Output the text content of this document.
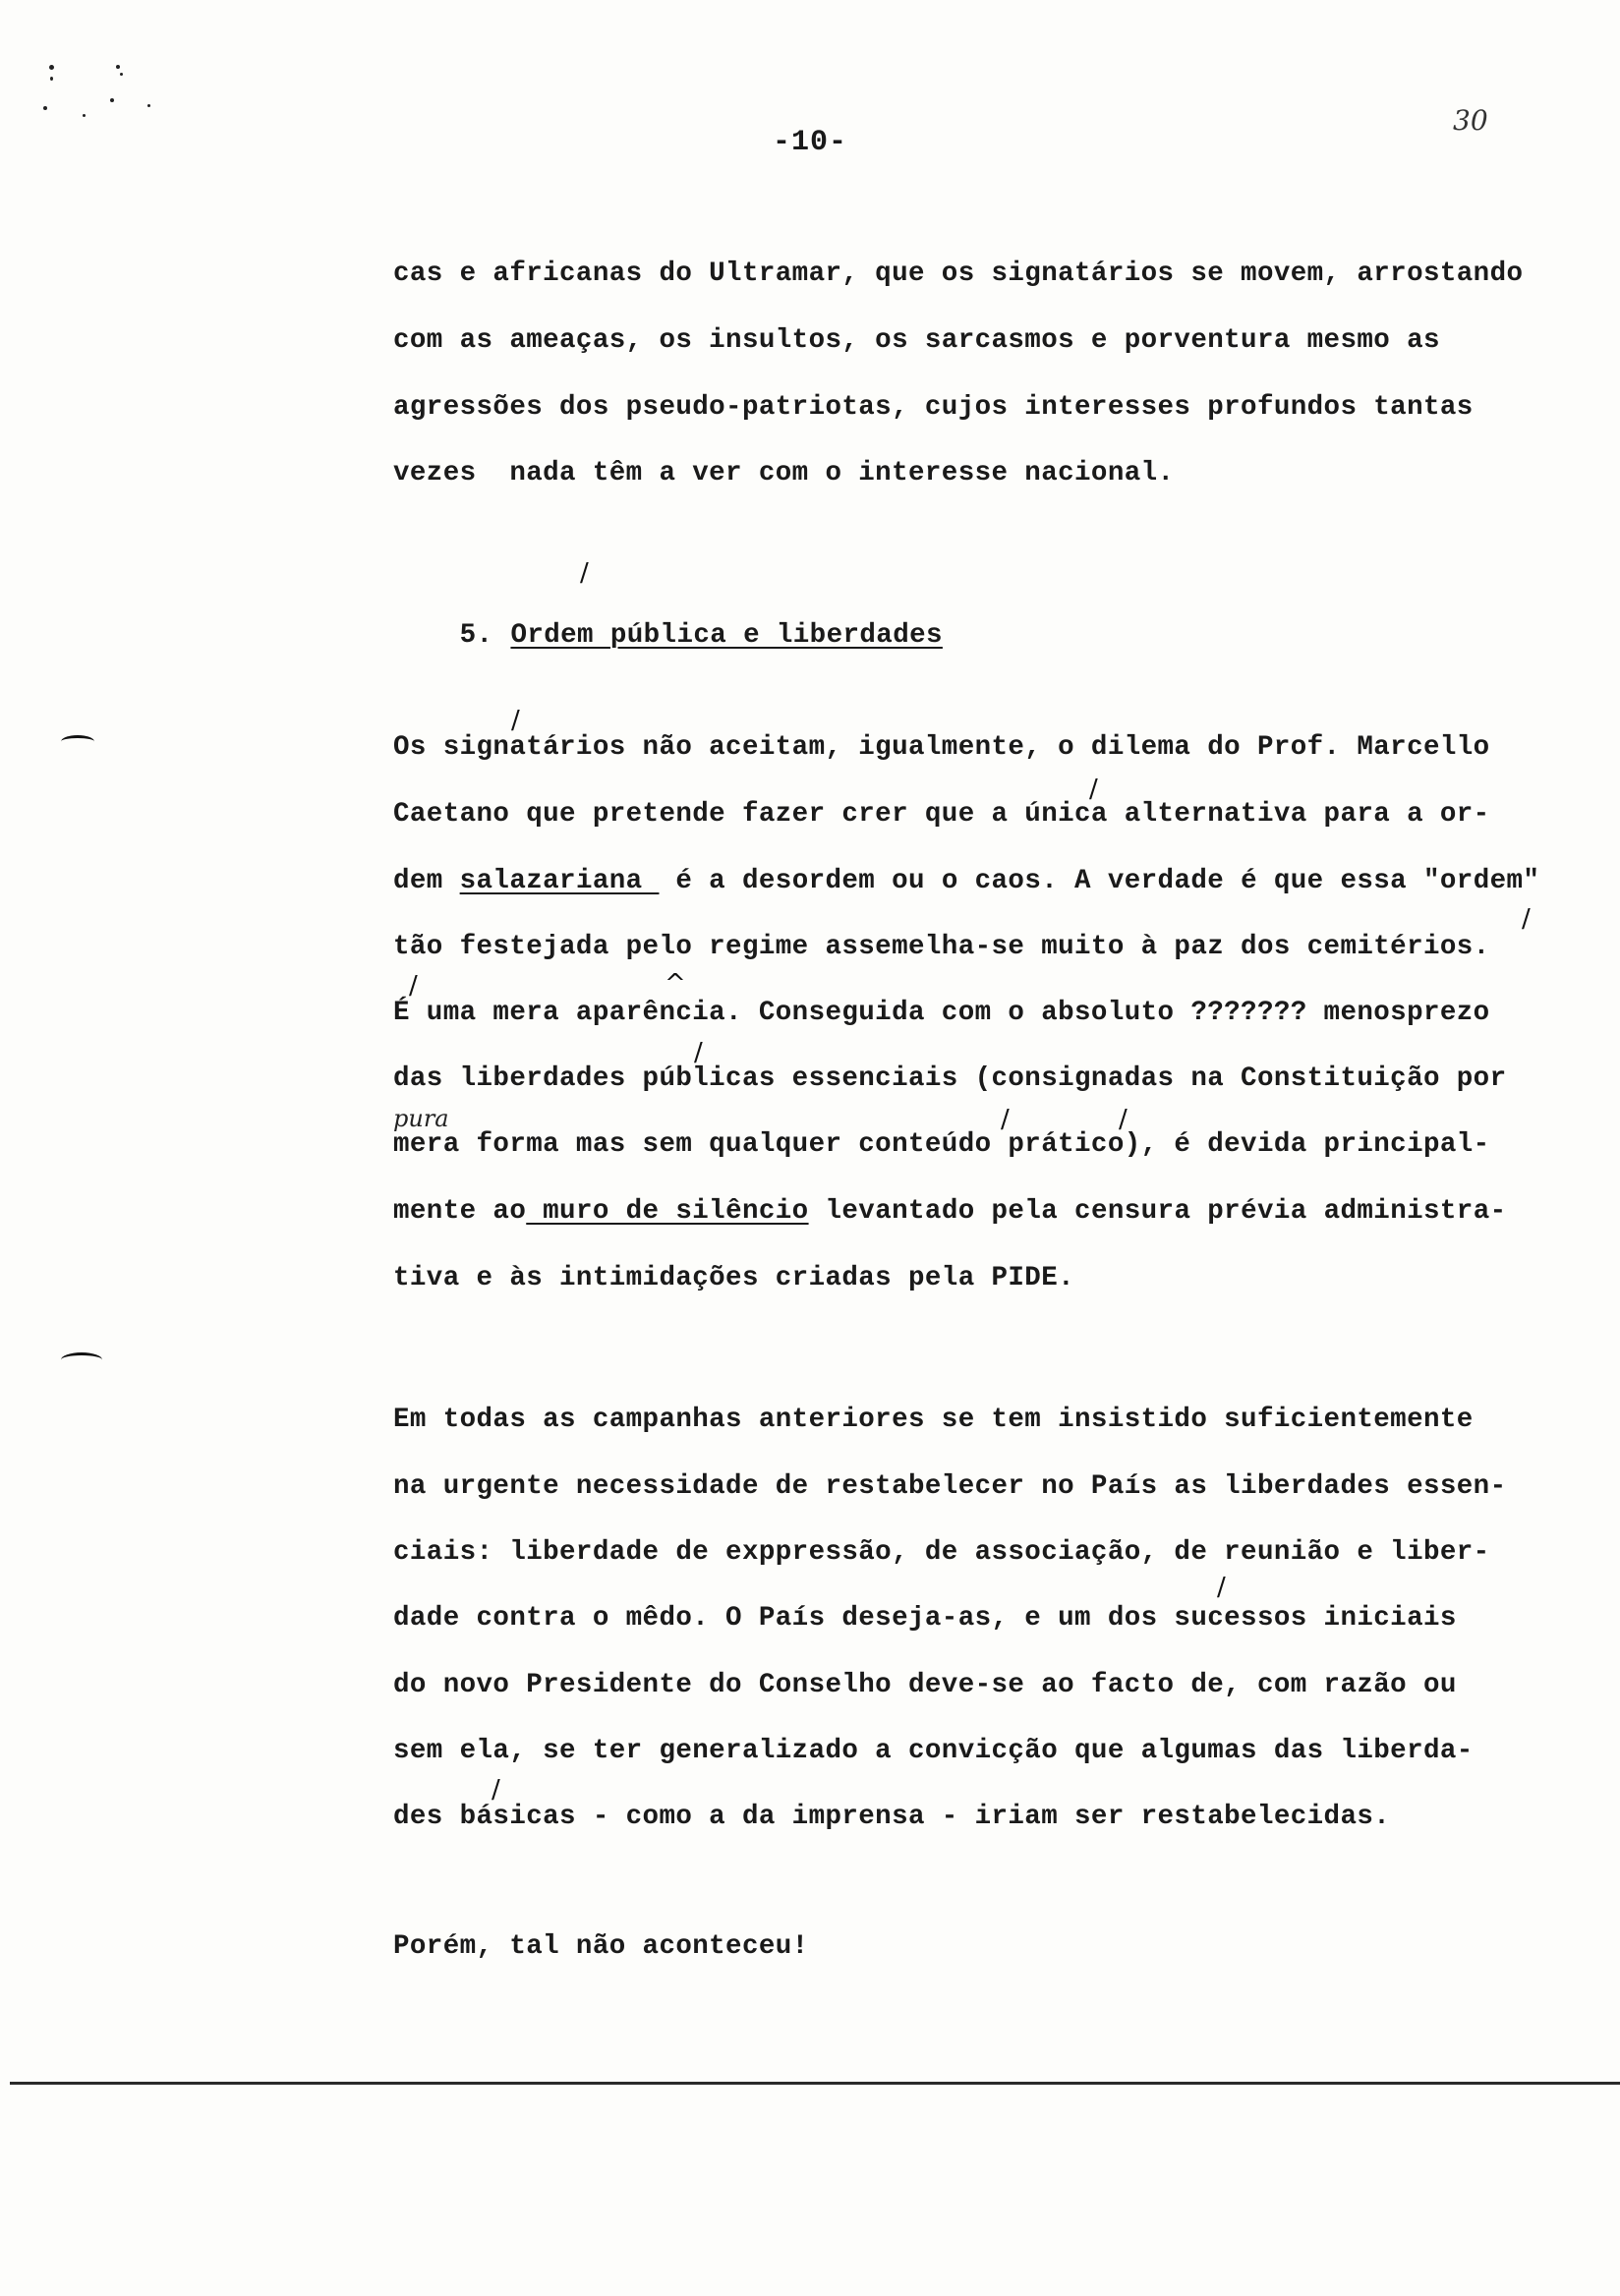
-10-
30
cas e africanas do Ultramar, que os signatários se movem, arrostando
com as ameaças, os insultos, os sarcasmos e porventura mesmo as
agressões dos pseudo-patriotas, cujos interesses profundos tantas
vezes  nada têm a ver com o interesse nacional.

5. Ordem pública e liberdades

/
Os signatários não aceitam, igualmente, o dilema do Prof. Marcello
Caetano que pretende fazer crer que a única alternativa para a or-
dem salazariana  é a desordem ou o caos. A verdade é que essa "ordem"
tão festejada pelo regime assemelha-se muito à paz dos cemitérios.
É uma mera aparência. Conseguida com o absoluto ??????? menosprezo
das liberdades públicas essenciais (consignadas na Constituição por
mera forma mas sem qualquer conteúdo prático), é devida principal-
mente ao muro de silêncio levantado pela censura prévia administra-
tiva e às intimidações criadas pela PIDE.
/
/
/
/	^
/
/	/
pura
Em todas as campanhas anteriores se tem insistido suficientemente
na urgente necessidade de restabelecer no País as liberdades essen-
ciais: liberdade de exppressão, de associação, de reunião e liber-
dade contra o mêdo. O País deseja-as, e um dos sucessos iniciais
do novo Presidente do Conselho deve-se ao facto de, com razão ou
sem ela, se ter generalizado a convicção que algumas das liberda-
des básicas - como a da imprensa - iriam ser restabelecidas.
/
/
Porém, tal não aconteceu!
